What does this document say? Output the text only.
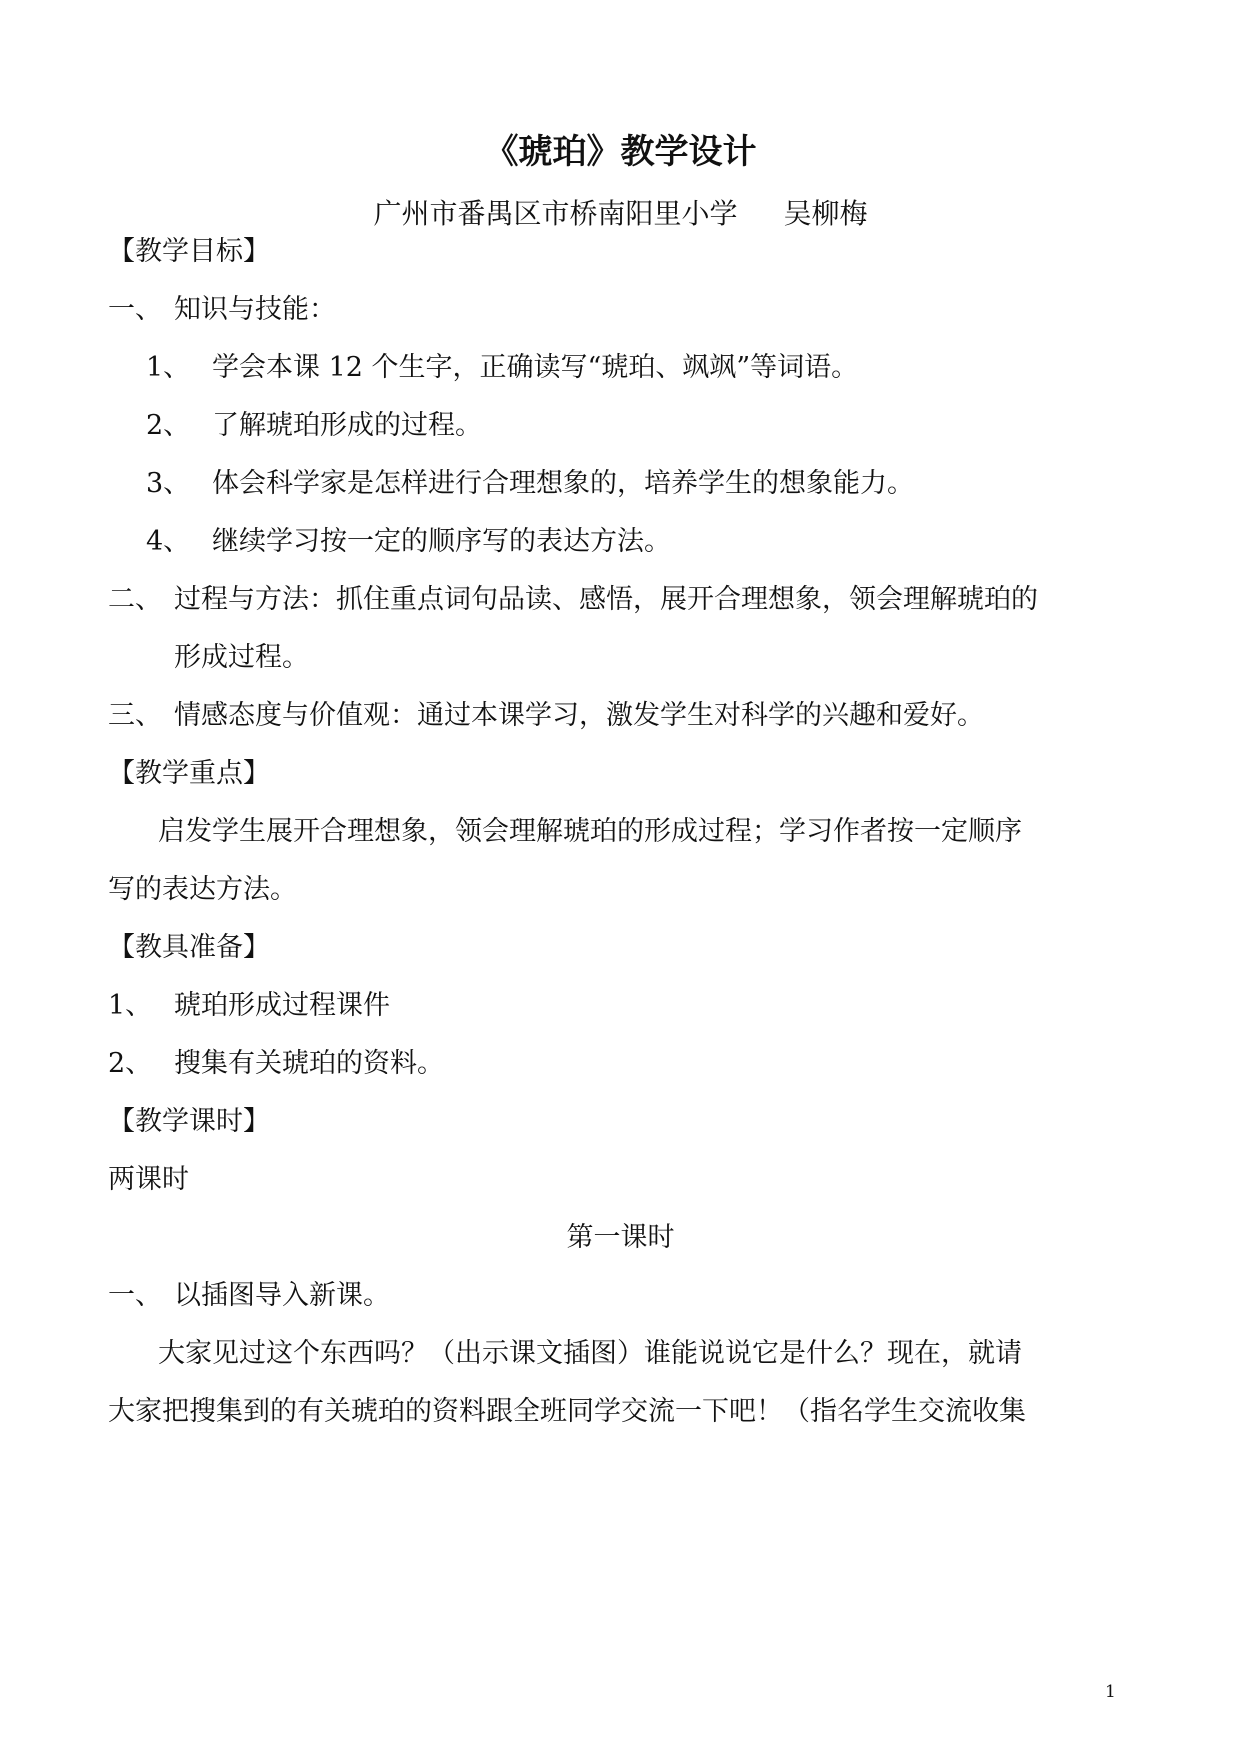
《琥珀》教学设计
广州市番禺区市桥南阳里小学 吴柳梅
【教学目标】
一、 知识与技能：
1、 学会本课 12 个生字，正确读写“琥珀、飒飒”等词语。
2、 了解琥珀形成的过程。
3、 体会科学家是怎样进行合理想象的，培养学生的想象能力。
4、 继续学习按一定的顺序写的表达方法。
二、 过程与方法：抓住重点词句品读、感悟，展开合理想象，领会理解琥珀的
形成过程。
三、 情感态度与价值观：通过本课学习，激发学生对科学的兴趣和爱好。
【教学重点】
启发学生展开合理想象，领会理解琥珀的形成过程；学习作者按一定顺序
写的表达方法。
【教具准备】
1、 琥珀形成过程课件
2、 搜集有关琥珀的资料。
【教学课时】
两课时
第一课时
一、 以插图导入新课。
大家见过这个东西吗？（出示课文插图）谁能说说它是什么？现在，就请
大家把搜集到的有关琥珀的资料跟全班同学交流一下吧！（指名学生交流收集
1
